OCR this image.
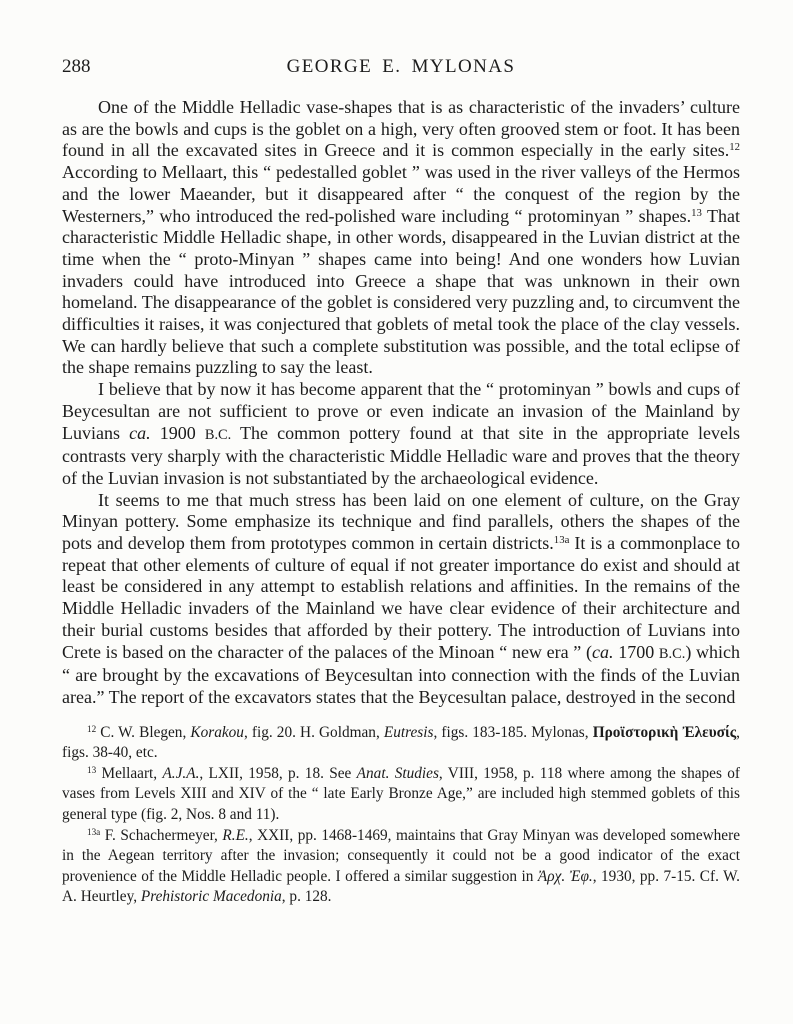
288	GEORGE E. MYLONAS

One of the Middle Helladic vase-shapes that is as characteristic of the invaders’ culture as are the bowls and cups is the goblet on a high, very often grooved stem or foot. It has been found in all the excavated sites in Greece and it is common especially in the early sites.$^{12}$ According to Mellaart, this “ pedestalled goblet ” was used in the river valleys of the Hermos and the lower Maeander, but it disappeared after “ the conquest of the region by the Westerners,” who introduced the red-polished ware including “ protominyan ” shapes.$^{13}$ That characteristic Middle Helladic shape, in other words, disappeared in the Luvian district at the time when the “ proto-Minyan ” shapes came into being! And one wonders how Luvian invaders could have introduced into Greece a shape that was unknown in their own homeland. The disappearance of the goblet is considered very puzzling and, to circumvent the difficulties it raises, it was conjectured that goblets of metal took the place of the clay vessels. We can hardly believe that such a complete substitution was possible, and the total eclipse of the shape remains puzzling to say the least.

I believe that by now it has become apparent that the “ protominyan ” bowls and cups of Beycesultan are not sufficient to prove or even indicate an invasion of the Mainland by Luvians ca. 1900 B.C. The common pottery found at that site in the appropriate levels contrasts very sharply with the characteristic Middle Helladic ware and proves that the theory of the Luvian invasion is not substantiated by the archaeological evidence.

It seems to me that much stress has been laid on one element of culture, on the Gray Minyan pottery. Some emphasize its technique and find parallels, others the shapes of the pots and develop them from prototypes common in certain districts.$^{13a}$ It is a commonplace to repeat that other elements of culture of equal if not greater importance do exist and should at least be considered in any attempt to establish relations and affinities. In the remains of the Middle Helladic invaders of the Mainland we have clear evidence of their architecture and their burial customs besides that afforded by their pottery. The introduction of Luvians into Crete is based on the character of the palaces of the Minoan “ new era ” (ca. 1700 B.C.) which “ are brought by the excavations of Beycesultan into connection with the finds of the Luvian area.” The report of the excavators states that the Beycesultan palace, destroyed in the second

$^{12}$ C. W. Blegen, Korakou, fig. 20. H. Goldman, Eutresis, figs. 183-185. Mylonas, Προϊστορικὴ Ἐλευσίς, figs. 38-40, etc.

$^{13}$ Mellaart, A.J.A., LXII, 1958, p. 18. See Anat. Studies, VIII, 1958, p. 118 where among the shapes of vases from Levels XIII and XIV of the “ late Early Bronze Age,” are included high stemmed goblets of this general type (fig. 2, Nos. 8 and 11).

$^{13a}$ F. Schachermeyer, R.E., XXII, pp. 1468-1469, maintains that Gray Minyan was developed somewhere in the Aegean territory after the invasion; consequently it could not be a good indicator of the exact provenience of the Middle Helladic people. I offered a similar suggestion in Ἀρχ. Ἐφ., 1930, pp. 7-15. Cf. W. A. Heurtley, Prehistoric Macedonia, p. 128.
